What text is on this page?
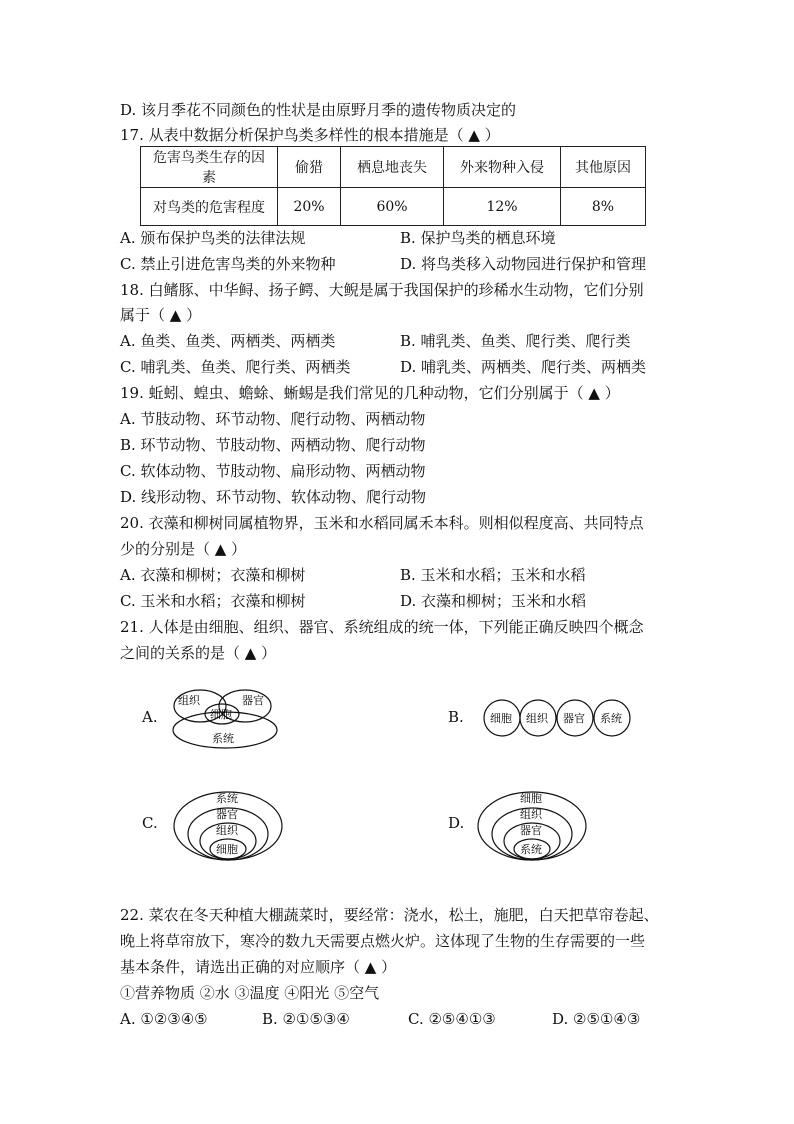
D. 该月季花不同颜色的性状是由原野月季的遗传物质决定的
17. 从表中数据分析保护鸟类多样性的根本措施是（ ▲ ）
危害鸟类生存的因素	偷猎	栖息地丧失	外来物种入侵	其他原因
对鸟类的危害程度	20%	60%	12%	8%
A. 颁布保护鸟类的法律法规	B. 保护鸟类的栖息环境
C. 禁止引进危害鸟类的外来物种	D. 将鸟类移入动物园进行保护和管理
18. 白鳍豚、中华鲟、扬子鳄、大鲵是属于我国保护的珍稀水生动物，它们分别
属于（ ▲ ）
A. 鱼类、鱼类、两栖类、两栖类	B. 哺乳类、鱼类、爬行类、爬行类
C. 哺乳类、鱼类、爬行类、两栖类	D. 哺乳类、两栖类、爬行类、两栖类
19. 蚯蚓、蝗虫、蟾蜍、蜥蜴是我们常见的几种动物，它们分别属于（ ▲ ）
A. 节肢动物、环节动物、爬行动物、两栖动物
B. 环节动物、节肢动物、两栖动物、爬行动物
C. 软体动物、节肢动物、扁形动物、两栖动物
D. 线形动物、环节动物、软体动物、爬行动物
20. 衣藻和柳树同属植物界，玉米和水稻同属禾本科。则相似程度高、共同特点
少的分别是（ ▲ ）
A. 衣藻和柳树；衣藻和柳树	B. 玉米和水稻；玉米和水稻
C. 玉米和水稻；衣藻和柳树	D. 衣藻和柳树；玉米和水稻
21. 人体是由细胞、组织、器官、系统组成的统一体，下列能正确反映四个概念
之间的关系的是（ ▲ ）
A.
组织	器官
细胞
系统
B. 细胞 组织 器官 系统
C.
系统
器官
组织
细胞
D.
细胞
组织
器官
系统
22. 菜农在冬天种植大棚蔬菜时，要经常：浇水，松土，施肥，白天把草帘卷起、
晚上将草帘放下，寒冷的数九天需要点燃火炉。这体现了生物的生存需要的一些
基本条件，请选出正确的对应顺序（ ▲ ）
①营养物质 ②水 ③温度 ④阳光 ⑤空气
A. ①②③④⑤	B. ②①⑤③④	C. ②⑤④①③	D. ②⑤①④③
